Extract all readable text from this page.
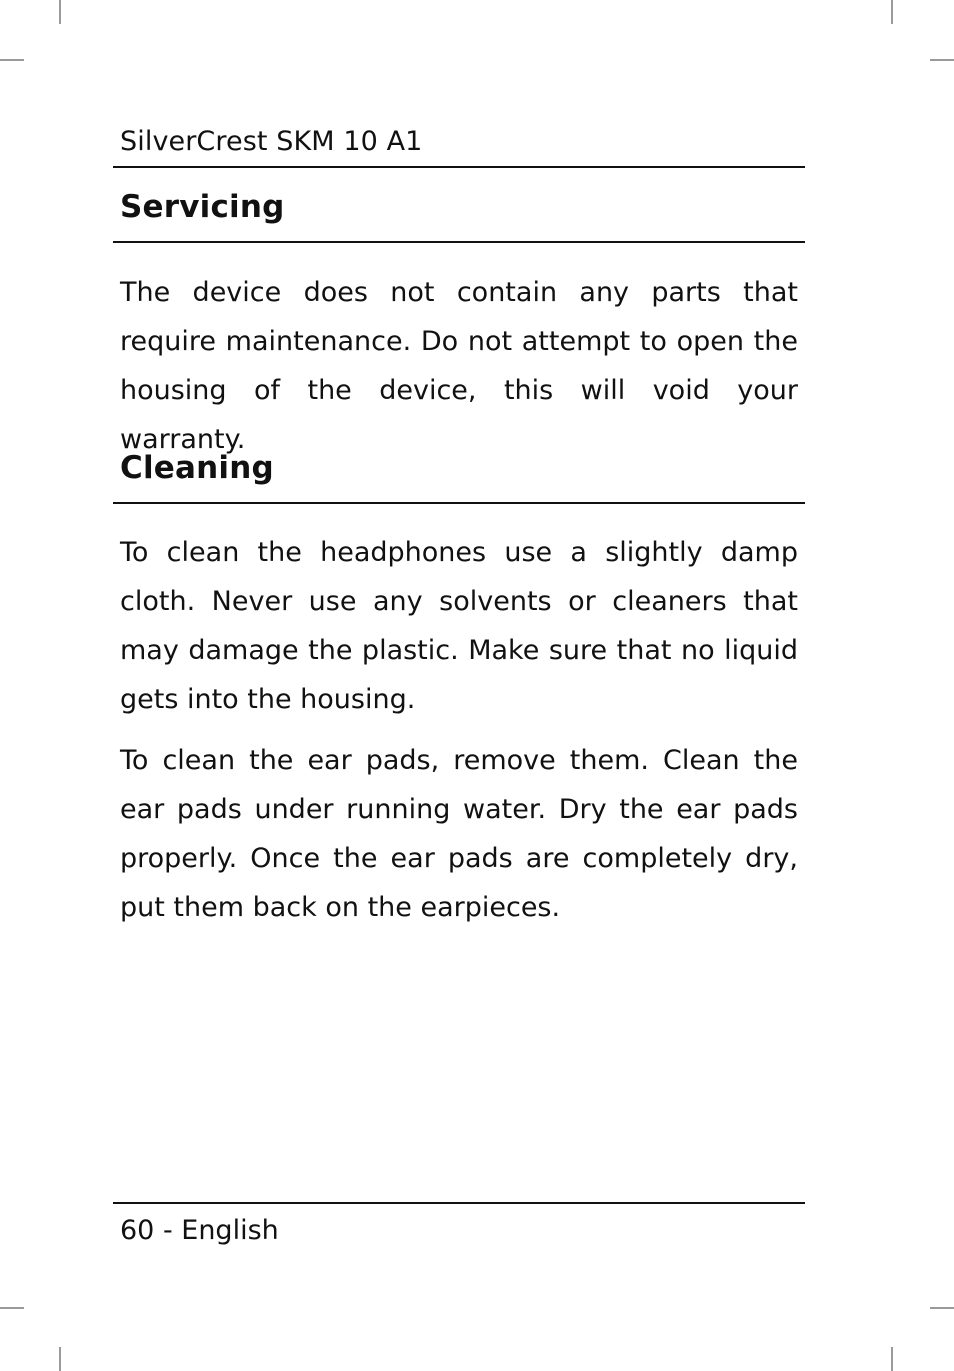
SilverCrest SKM 10 A1
Servicing

The device does not contain any parts that require maintenance. Do not attempt to open the housing of the device, this will void your warranty.

Cleaning

To clean the headphones use a slightly damp cloth. Never use any solvents or cleaners that may damage the plastic. Make sure that no liquid gets into the housing.

To clean the ear pads, remove them. Clean the ear pads under running water. Dry the ear pads properly. Once the ear pads are completely dry, put them back on the earpieces.

60 - English
